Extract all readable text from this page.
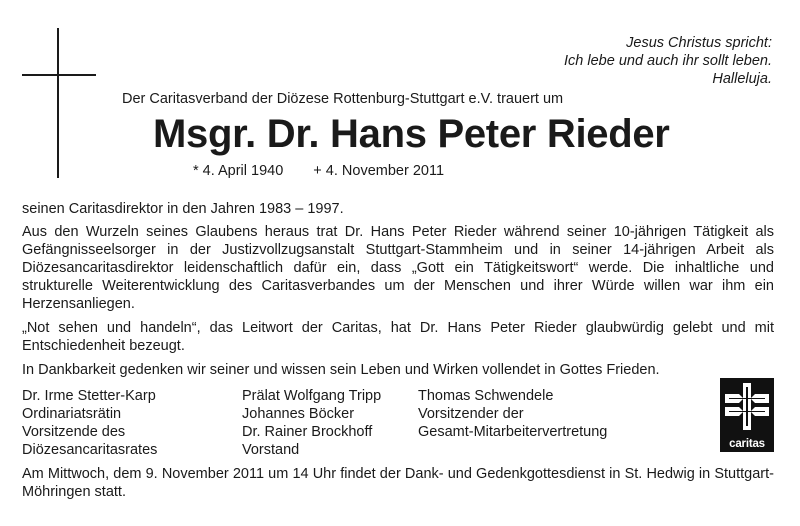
Jesus Christus spricht:
Ich lebe und auch ihr sollt leben.
Halleluja.
Der Caritasverband der Diözese Rottenburg-Stuttgart e.V. trauert um
Msgr. Dr. Hans Peter Rieder
* 4. April 1940 + 4. November 2011
seinen Caritasdirektor in den Jahren 1983 – 1997.
Aus den Wurzeln seines Glaubens heraus trat Dr. Hans Peter Rieder während seiner 10-jährigen Tätigkeit als Gefängnisseelsorger in der Justizvollzugsanstalt Stuttgart-Stammheim und in seiner 14-jährigen Arbeit als Diözesancaritasdirektor leidenschaftlich dafür ein, dass „Gott ein Tätigkeitswort“ werde. Die inhaltliche und strukturelle Weiterentwicklung des Caritasverbandes um der Menschen und ihrer Würde willen war ihm ein Herzensanliegen.
„Not sehen und handeln“, das Leitwort der Caritas, hat Dr. Hans Peter Rieder glaubwürdig gelebt und mit Entschiedenheit bezeugt.
In Dankbarkeit gedenken wir seiner und wissen sein Leben und Wirken vollendet in Gottes Frieden.
Dr. Irme Stetter-Karp
Ordinariatsrätin
Vorsitzende des
Diözesancaritasrates
Prälat Wolfgang Tripp
Johannes Böcker
Dr. Rainer Brockhoff
Vorstand
Thomas Schwendele
Vorsitzender der
Gesamt-Mitarbeitervertretung
caritas
Am Mittwoch, dem 9. November 2011 um 14 Uhr findet der Dank- und Gedenkgottesdienst in St. Hedwig in Stuttgart-Möhringen statt.
